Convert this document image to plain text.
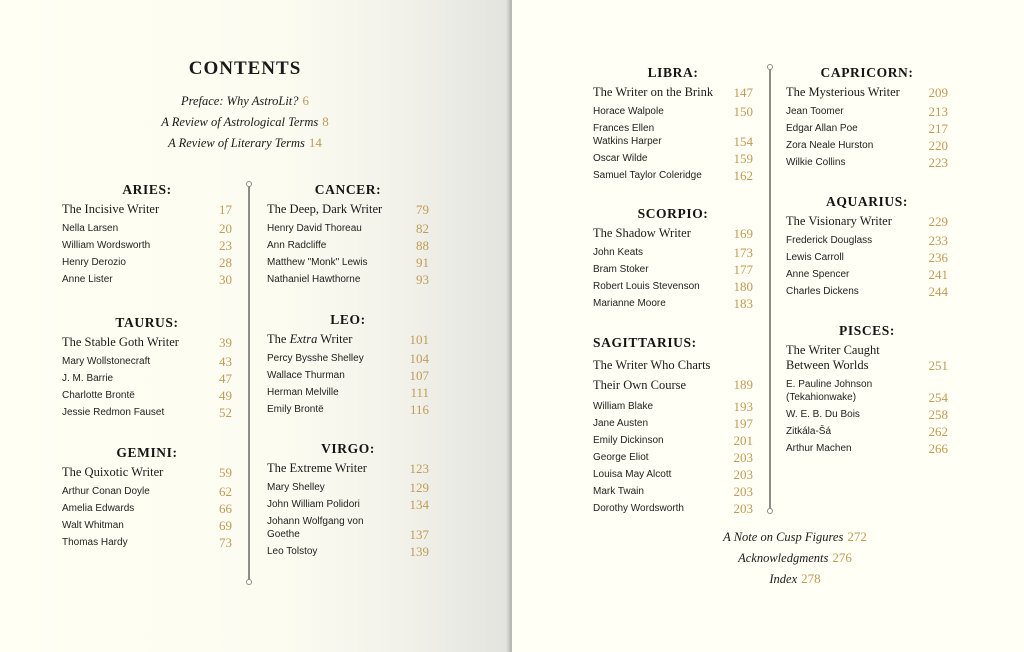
CONTENTS
Preface: Why AstroLit? 6
A Review of Astrological Terms 8
A Review of Literary Terms 14
ARIES:
The Incisive Writer	17
Nella Larsen	20
William Wordsworth	23
Henry Derozio	28
Anne Lister	30
TAURUS:
The Stable Goth Writer	39
Mary Wollstonecraft	43
J. M. Barrie	47
Charlotte Brontë	49
Jessie Redmon Fauset	52
GEMINI:
The Quixotic Writer	59
Arthur Conan Doyle	62
Amelia Edwards	66
Walt Whitman	69
Thomas Hardy	73
CANCER:
The Deep, Dark Writer	79
Henry David Thoreau	82
Ann Radcliffe	88
Matthew "Monk" Lewis	91
Nathaniel Hawthorne	93
LEO:
The Extra Writer	101
Percy Bysshe Shelley	104
Wallace Thurman	107
Herman Melville	111
Emily Brontë	116
VIRGO:
The Extreme Writer	123
Mary Shelley	129
John William Polidori	134
Johann Wolfgang von Goethe	137
Leo Tolstoy	139
LIBRA:
The Writer on the Brink 147
Horace Walpole	150
Frances Ellen Watkins Harper	154
Oscar Wilde	159
Samuel Taylor Coleridge 162
SCORPIO:
The Shadow Writer	169
John Keats	173
Bram Stoker	177
Robert Louis Stevenson	180
Marianne Moore	183
SAGITTARIUS:
The Writer Who Charts Their Own Course	189
William Blake	193
Jane Austen	197
Emily Dickinson	201
George Eliot	203
Louisa May Alcott	203
Mark Twain	203
Dorothy Wordsworth	203
CAPRICORN:
The Mysterious Writer 209
Jean Toomer	213
Edgar Allan Poe	217
Zora Neale Hurston	220
Wilkie Collins	223
AQUARIUS:
The Visionary Writer	229
Frederick Douglass	233
Lewis Carroll	236
Anne Spencer	241
Charles Dickens	244
PISCES:
The Writer Caught Between Worlds	251
E. Pauline Johnson (Tekahionwake)	254
W. E. B. Du Bois	258
Zitkála-Šá	262
Arthur Machen	266
A Note on Cusp Figures 272
Acknowledgments 276
Index 278
